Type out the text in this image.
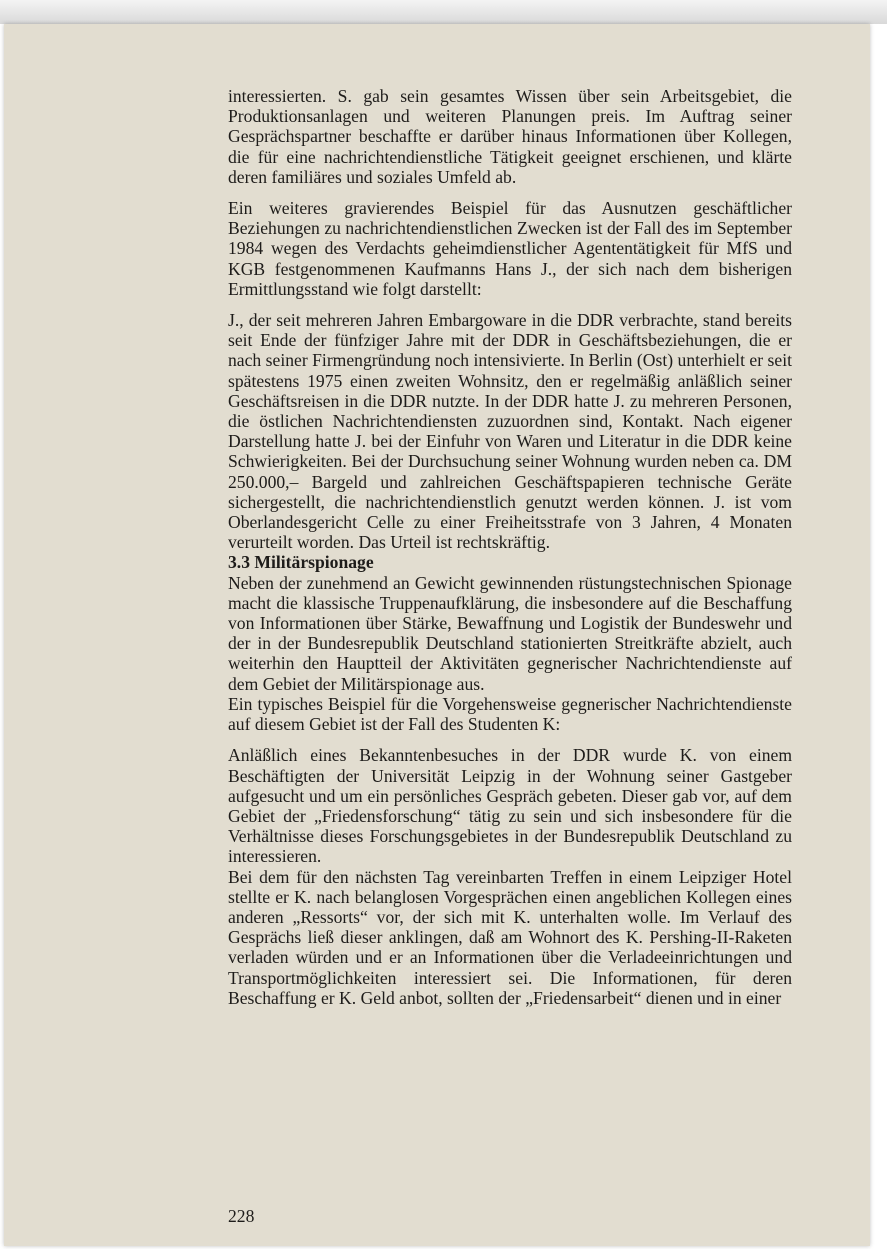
interessierten. S. gab sein gesamtes Wissen über sein Arbeitsgebiet, die Produktionsanlagen und weiteren Planungen preis. Im Auftrag seiner Gesprächspartner beschaffte er darüber hinaus Informationen über Kollegen, die für eine nachrichtendienstliche Tätigkeit geeignet erschienen, und klärte deren familiäres und soziales Umfeld ab.

Ein weiteres gravierendes Beispiel für das Ausnutzen geschäftlicher Beziehungen zu nachrichtendienstlichen Zwecken ist der Fall des im September 1984 wegen des Verdachts geheimdienstlicher Agententätigkeit für MfS und KGB festgenommenen Kaufmanns Hans J., der sich nach dem bisherigen Ermittlungsstand wie folgt darstellt:

J., der seit mehreren Jahren Embargoware in die DDR verbrachte, stand bereits seit Ende der fünfziger Jahre mit der DDR in Geschäftsbeziehungen, die er nach seiner Firmengründung noch intensivierte. In Berlin (Ost) unterhielt er seit spätestens 1975 einen zweiten Wohnsitz, den er regelmäßig anläßlich seiner Geschäftsreisen in die DDR nutzte. In der DDR hatte J. zu mehreren Personen, die östlichen Nachrichtendiensten zuzuordnen sind, Kontakt. Nach eigener Darstellung hatte J. bei der Einfuhr von Waren und Literatur in die DDR keine Schwierigkeiten. Bei der Durchsuchung seiner Wohnung wurden neben ca. DM 250.000,– Bargeld und zahlreichen Geschäftspapieren technische Geräte sichergestellt, die nachrichtendienstlich genutzt werden können. J. ist vom Oberlandesgericht Celle zu einer Freiheitsstrafe von 3 Jahren, 4 Monaten verurteilt worden. Das Urteil ist rechtskräftig.

3.3 Militärspionage

Neben der zunehmend an Gewicht gewinnenden rüstungstechnischen Spionage macht die klassische Truppenaufklärung, die insbesondere auf die Beschaffung von Informationen über Stärke, Bewaffnung und Logistik der Bundeswehr und der in der Bundesrepublik Deutschland stationierten Streitkräfte abzielt, auch weiterhin den Hauptteil der Aktivitäten gegnerischer Nachrichtendienste auf dem Gebiet der Militärspionage aus.

Ein typisches Beispiel für die Vorgehensweise gegnerischer Nachrichtendienste auf diesem Gebiet ist der Fall des Studenten K:

Anläßlich eines Bekanntenbesuches in der DDR wurde K. von einem Beschäftigten der Universität Leipzig in der Wohnung seiner Gastgeber aufgesucht und um ein persönliches Gespräch gebeten. Dieser gab vor, auf dem Gebiet der „Friedensforschung“ tätig zu sein und sich insbesondere für die Verhältnisse dieses Forschungsgebietes in der Bundesrepublik Deutschland zu interessieren.

Bei dem für den nächsten Tag vereinbarten Treffen in einem Leipziger Hotel stellte er K. nach belanglosen Vorgesprächen einen angeblichen Kollegen eines anderen „Ressorts“ vor, der sich mit K. unterhalten wolle. Im Verlauf des Gesprächs ließ dieser anklingen, daß am Wohnort des K. Pershing-II-Raketen verladen würden und er an Informationen über die Verladeeinrichtungen und Transportmöglichkeiten interessiert sei. Die Informationen, für deren Beschaffung er K. Geld anbot, sollten der „Friedensarbeit“ dienen und in einer

228
